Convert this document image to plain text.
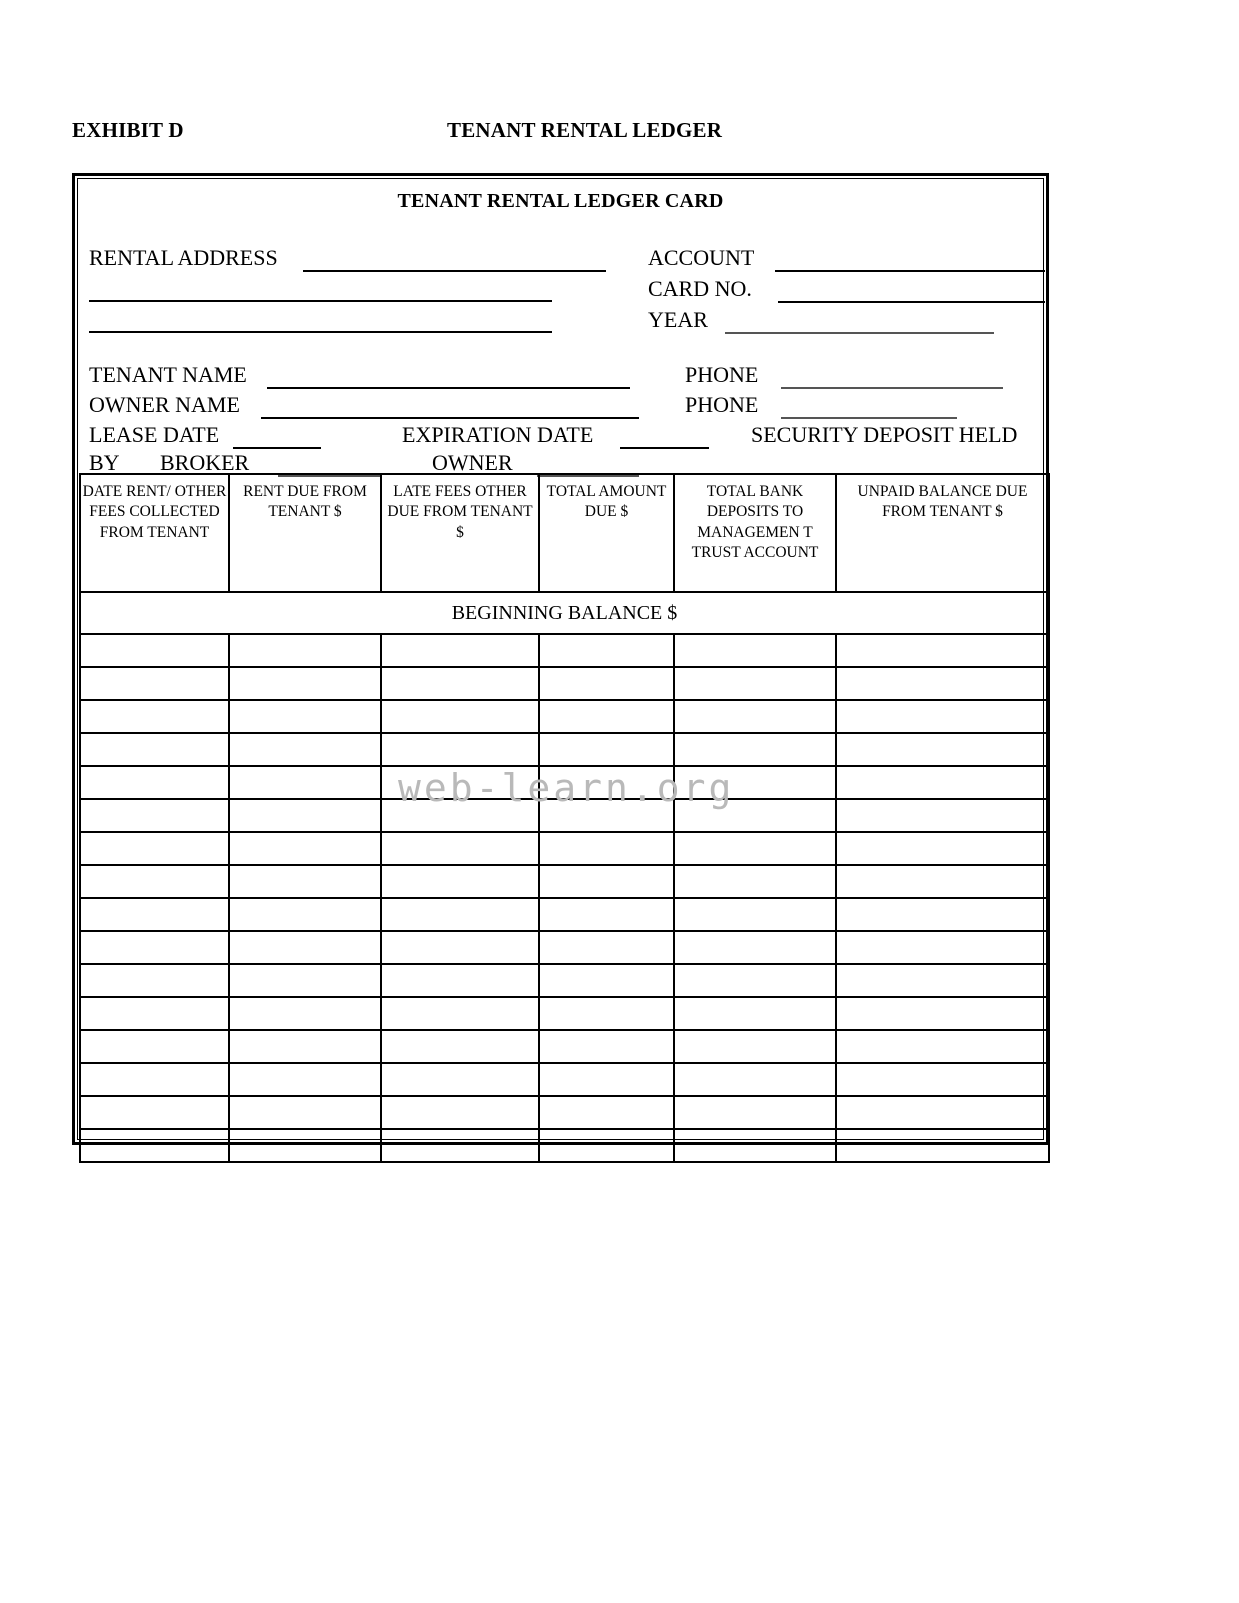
EXHIBIT D	TENANT RENTAL LEDGER
TENANT RENTAL LEDGER CARD
RENTAL ADDRESS	ACCOUNT
CARD NO.
YEAR
TENANT NAME	PHONE
OWNER NAME	PHONE
LEASE DATE	EXPIRATION DATE	SECURITY DEPOSIT HELD
BY BROKER	OWNER
DATE RENT/ OTHER FEES COLLECTED FROM TENANT	RENT DUE FROM TENANT $	LATE FEES OTHER DUE FROM TENANT $	TOTAL AMOUNT DUE $	TOTAL BANK DEPOSITS TO MANAGEMEN T TRUST ACCOUNT	UNPAID BALANCE DUE FROM TENANT $
BEGINNING BALANCE $					

web-learn.org
